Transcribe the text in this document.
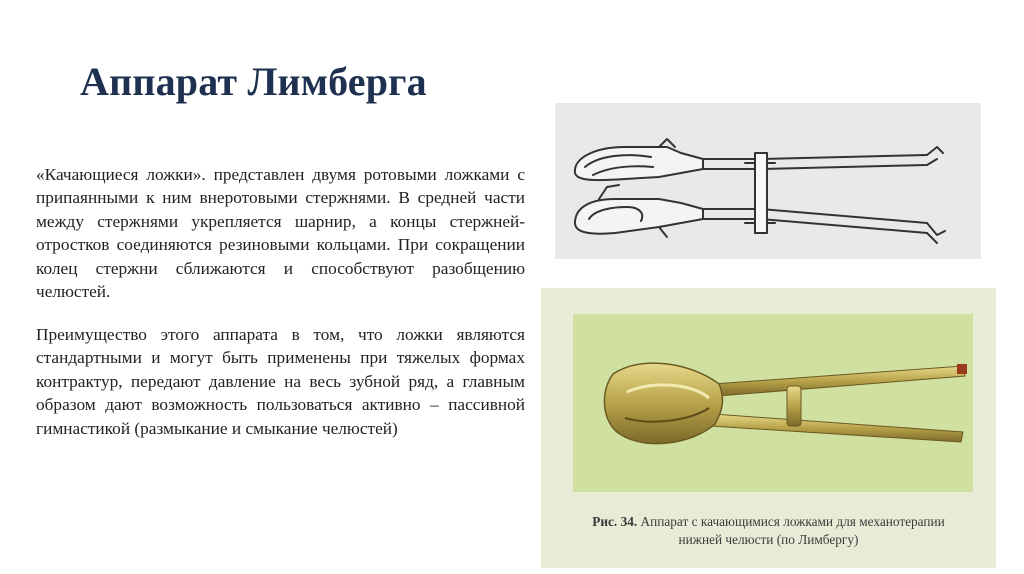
Аппарат Лимберга

«Качающиеся ложки». представлен двумя ротовыми ложками с припаянными к ним внеротовыми стержнями. В средней части между стержнями укрепляется шарнир, а концы стержней-отростков соединяются резиновыми кольцами. При сокращении колец стержни сближаются и способствуют разобщению челюстей.

Преимущество этого аппарата в том, что ложки являются стандартными и могут быть применены при тяжелых формах контрактур, передают давление на весь зубной ряд, а главным образом дают возможность пользоваться активно – пассивной гимнастикой (размыкание и смыкание челюстей)

Рис. 34. Аппарат с качающимися ложками для механотерапии
нижней челюсти (по Лимбергу)
